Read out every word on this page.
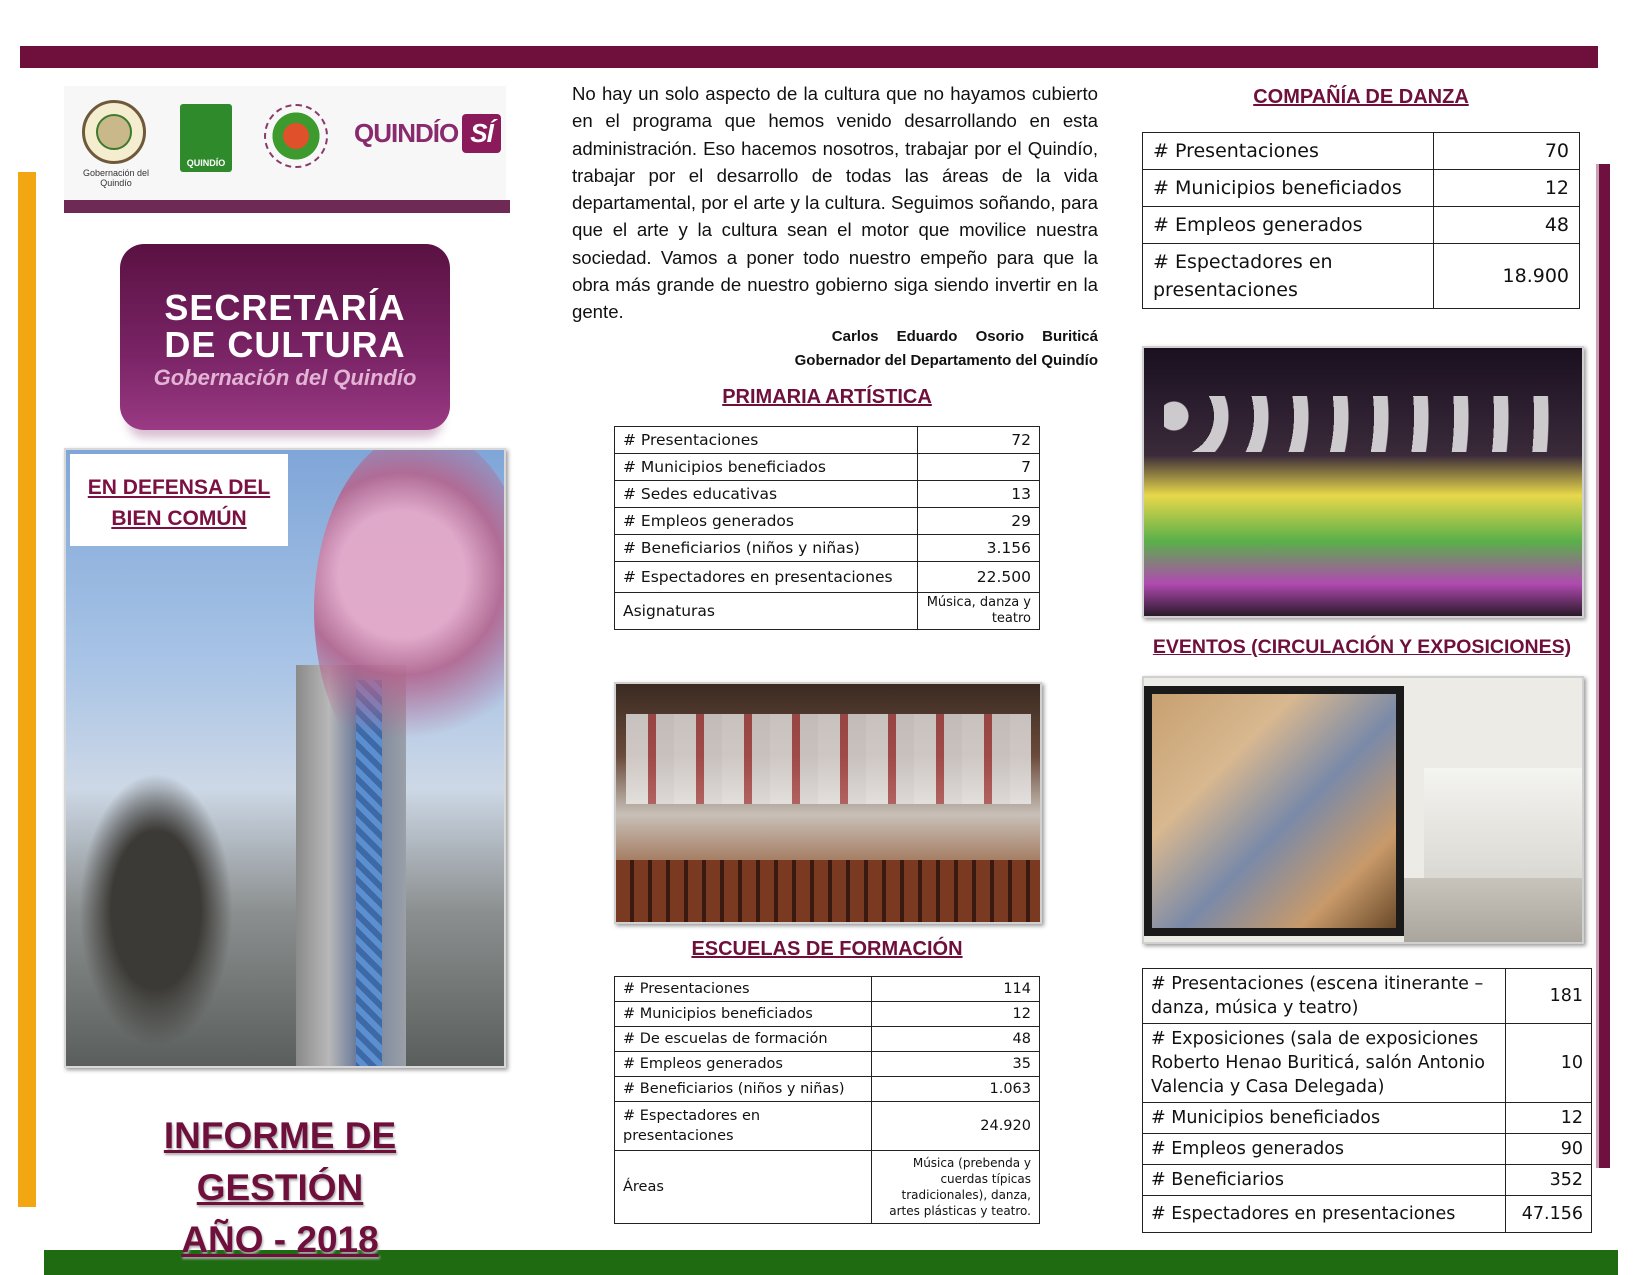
Gobernación del Quindío
QUINDÍO
QUINDÍO SÍ
SECRETARÍA
DE CULTURA
Gobernación del Quindío
EN DEFENSA DEL
BIEN COMÚN
INFORME DE GESTIÓN
AÑO - 2018

No hay un solo aspecto de la cultura que no hayamos cubierto en el programa que hemos venido desarrollando en esta administración. Eso hacemos nosotros, trabajar por el Quindío, trabajar por el desarrollo de todas las áreas de la vida departamental, por el arte y la cultura. Seguimos soñando, para que el arte y la cultura sean el motor que movilice nuestra sociedad. Vamos a poner todo nuestro empeño para que la obra más grande de nuestro gobierno siga siendo invertir en la gente.

Carlos Eduardo Osorio Buriticá
Gobernador del Departamento del Quindío
PRIMARIA ARTÍSTICA
# Presentaciones	72
# Municipios beneficiados	7
# Sedes educativas	13
# Empleos generados	29
# Beneficiarios (niños y niñas)	3.156
# Espectadores en presentaciones	22.500
Asignaturas	Música, danza y teatro
ESCUELAS DE FORMACIÓN
# Presentaciones	114
# Municipios beneficiados	12
# De escuelas de formación	48
# Empleos generados	35
# Beneficiarios (niños y niñas)	1.063
# Espectadores en presentaciones	24.920
Áreas	Música (prebenda y cuerdas típicas tradicionales), danza, artes plásticas y teatro.
COMPAÑÍA DE DANZA
# Presentaciones	70
# Municipios beneficiados	12
# Empleos generados	48
# Espectadores en presentaciones	18.900
EVENTOS (CIRCULACIÓN Y EXPOSICIONES)
# Presentaciones (escena itinerante – danza, música y teatro)	181
# Exposiciones (sala de exposiciones Roberto Henao Buriticá, salón Antonio Valencia y Casa Delegada)	10
# Municipios beneficiados	12
# Empleos generados	90
# Beneficiarios	352
# Espectadores en presentaciones	47.156
